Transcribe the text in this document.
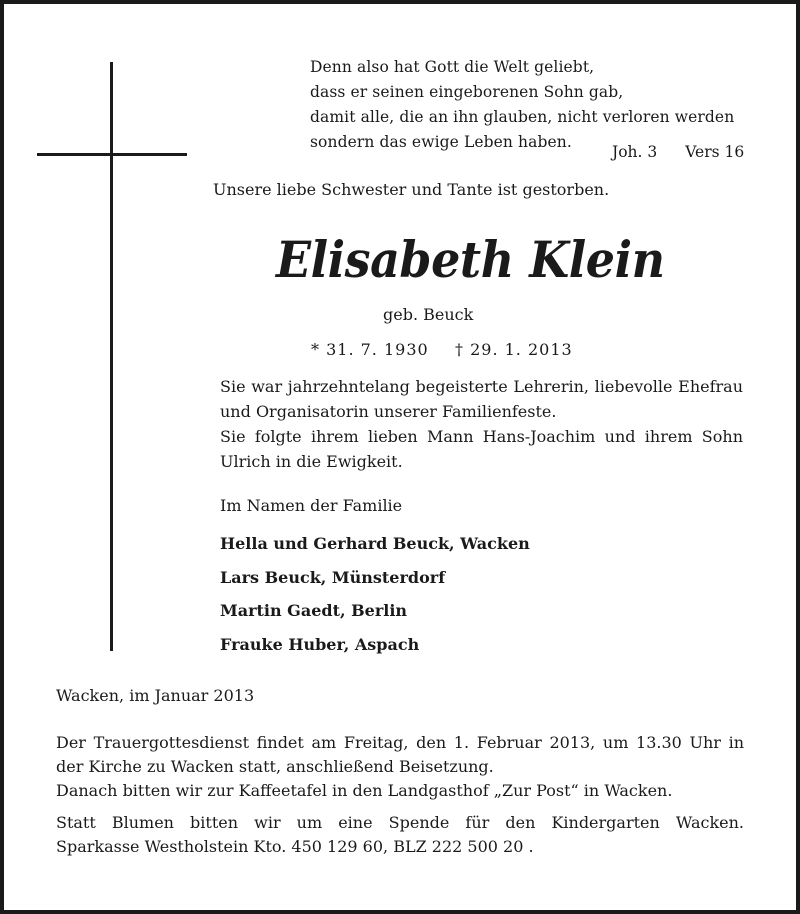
Denn also hat Gott die Welt geliebt,
dass er seinen eingeborenen Sohn gab,
damit alle, die an ihn glauben, nicht verloren werden
sondern das ewige Leben haben.
Joh. 3 Vers 16
Unsere liebe Schwester und Tante ist gestorben.
Elisabeth Klein
geb. Beuck
* 31. 7. 1930 † 29. 1. 2013

Sie war jahrzehntelang begeisterte Lehrerin, liebevolle Ehefrau und Organisatorin unserer Familienfeste.

Sie folgte ihrem lieben Mann Hans-Joachim und ihrem Sohn Ulrich in die Ewigkeit.

Im Namen der Familie
Hella und Gerhard Beuck, Wacken
Lars Beuck, Münsterdorf
Martin Gaedt, Berlin
Frauke Huber, Aspach
Wacken, im Januar 2013

Der Trauergottesdienst findet am Freitag, den 1. Februar 2013, um 13.30 Uhr in der Kirche zu Wacken statt, anschließend Beisetzung.

Danach bitten wir zur Kaffeetafel in den Landgasthof „Zur Post“ in Wacken.

Statt Blumen bitten wir um eine Spende für den Kindergarten Wacken.

Sparkasse Westholstein Kto. 450 129 60, BLZ 222 500 20 .
